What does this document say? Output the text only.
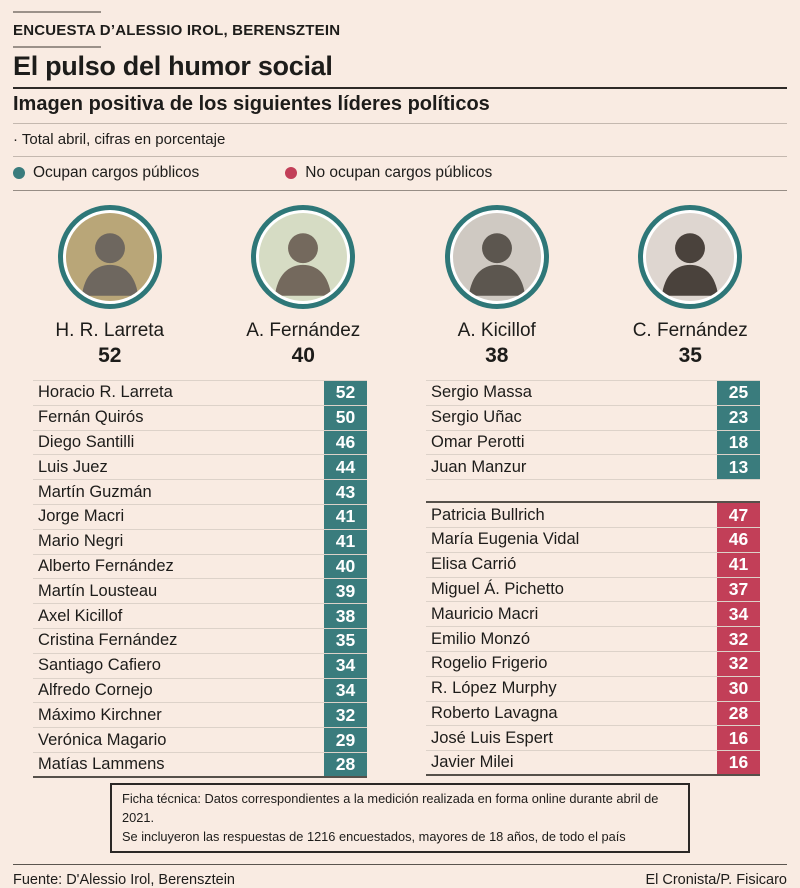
ENCUESTA D’ALESSIO IROL, BERENSZTEIN
El pulso del humor social
Imagen positiva de los siguientes líderes políticos
· Total abril, cifras en porcentaje
Ocupan cargos públicos	No ocupan cargos públicos
H. R. Larreta
52
A. Fernández
40
A. Kicillof
38
C. Fernández
35
Horacio R. Larreta	52
Fernán Quirós	50
Diego Santilli	46
Luis Juez	44
Martín Guzmán	43
Jorge Macri	41
Mario Negri	41
Alberto Fernández	40
Martín Lousteau	39
Axel Kicillof	38
Cristina Fernández	35
Santiago Cafiero	34
Alfredo Cornejo	34
Máximo Kirchner	32
Verónica Magario	29
Matías Lammens	28
Sergio Massa	25
Sergio Uñac	23
Omar Perotti	18
Juan Manzur	13
Patricia Bullrich	47
María Eugenia Vidal	46
Elisa Carrió	41
Miguel Á. Pichetto	37
Mauricio Macri	34
Emilio Monzó	32
Rogelio Frigerio	32
R. López Murphy	30
Roberto Lavagna	28
José Luis Espert	16
Javier Milei	16
Ficha técnica: Datos correspondientes a la medición realizada en forma online durante abril de 2021.
Se incluyeron las respuestas de 1216 encuestados, mayores de 18 años, de todo el país
Fuente: D'Alessio Irol, Berensztein	El Cronista/P. Fisicaro
